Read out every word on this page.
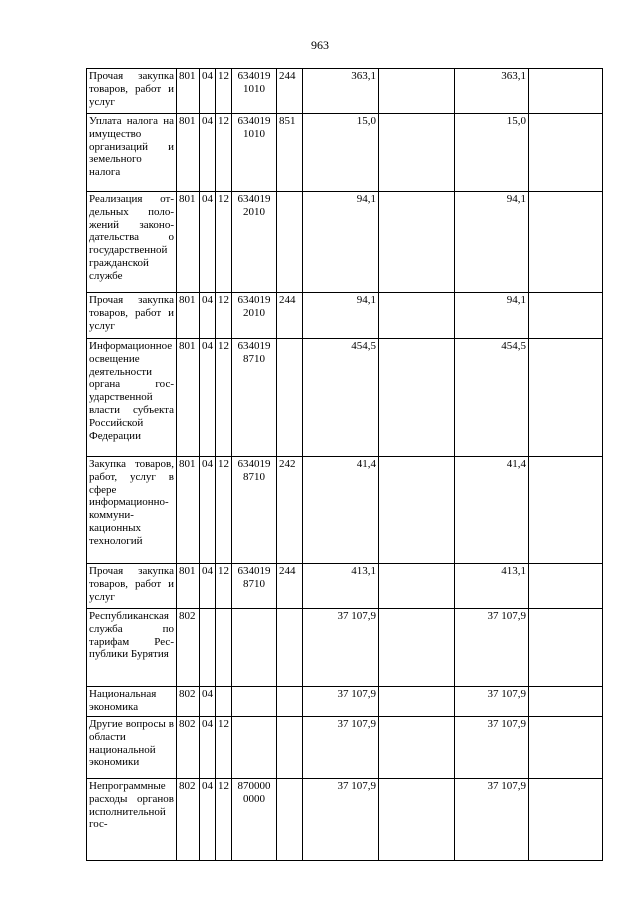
963
Прочая закупка товаров, работ и услуг	801	04	12	634019 1010	244	363,1		363,1	
Уплата налога на имущество организаций и земельного налога	801	04	12	634019 1010	851	15,0		15,0	
Реализация отдельных положений законодательства о государственной гражданской службе	801	04	12	634019 2010		94,1		94,1	
Прочая закупка товаров, работ и услуг	801	04	12	634019 2010	244	94,1		94,1	
Информационное освещение деятельности органа государственной власти субъекта Российской Федерации	801	04	12	634019 8710		454,5		454,5	
Закупка товаров, работ, услуг в сфере информационно-коммуникационных технологий	801	04	12	634019 8710	242	41,4		41,4	
Прочая закупка товаров, работ и услуг	801	04	12	634019 8710	244	413,1		413,1	
Республиканская служба по тарифам Республики Бурятия	802					37 107,9		37 107,9	
Национальная экономика	802	04				37 107,9		37 107,9	
Другие вопросы в области национальной экономики	802	04	12			37 107,9		37 107,9	
Непрограммные расходы органов исполнительной гос-	802	04	12	870000 0000		37 107,9		37 107,9	
